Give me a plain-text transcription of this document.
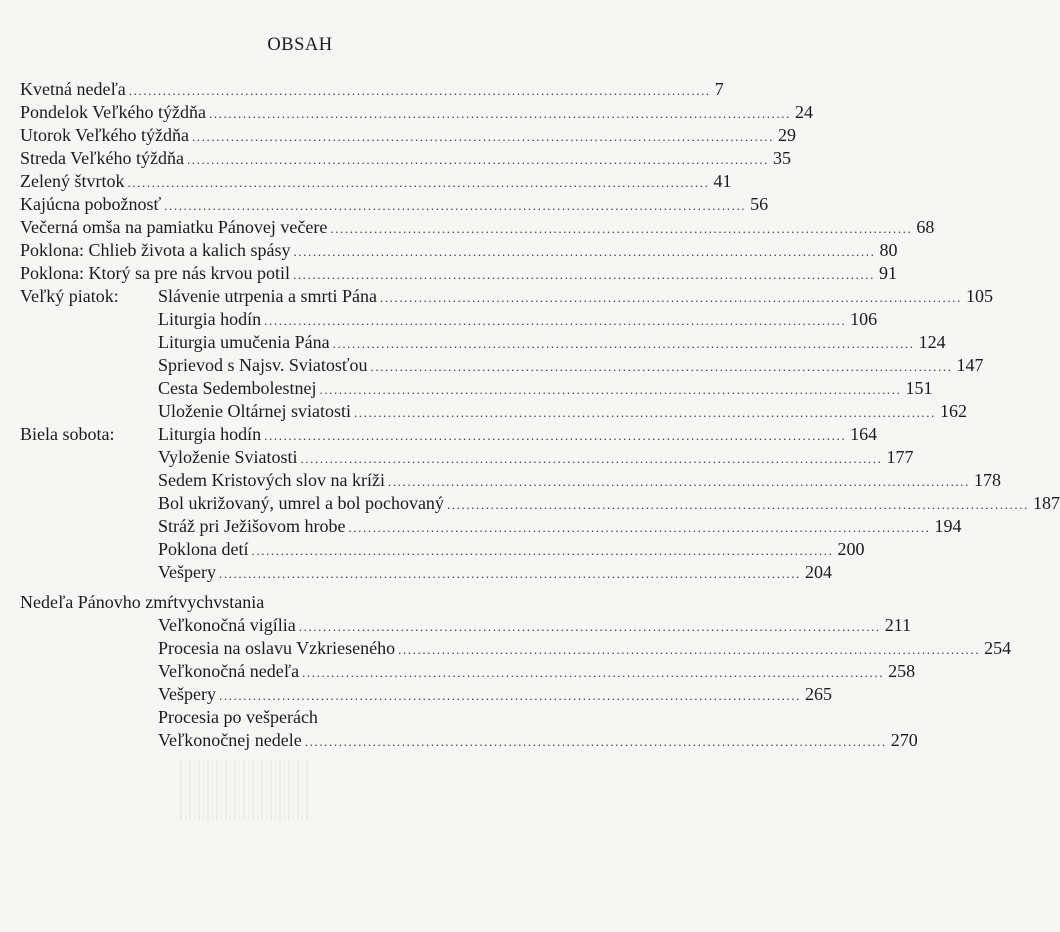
OBSAH
Kvetná nedeľa ........................................................................................................................ 7
Pondelok Veľkého týždňa ........................................................................................................................ 24
Utorok Veľkého týždňa ........................................................................................................................ 29
Streda Veľkého týždňa ........................................................................................................................ 35
Zelený štvrtok ........................................................................................................................ 41
Kajúcna pobožnosť ........................................................................................................................ 56
Večerná omša na pamiatku Pánovej večere ........................................................................................................................ 68
Poklona: Chlieb života a kalich spásy ........................................................................................................................ 80
Poklona: Ktorý sa pre nás krvou potil ........................................................................................................................ 91
Veľký piatok: Slávenie utrpenia a smrti Pána ........................................................................................................................ 105
Liturgia hodín ........................................................................................................................ 106
Liturgia umučenia Pána ........................................................................................................................ 124
Sprievod s Najsv. Sviatosťou ........................................................................................................................ 147
Cesta Sedembolestnej ........................................................................................................................ 151
Uloženie Oltárnej sviatosti ........................................................................................................................ 162
Biela sobota: Liturgia hodín ........................................................................................................................ 164
Vyloženie Sviatosti ........................................................................................................................ 177
Sedem Kristových slov na kríži ........................................................................................................................ 178
Bol ukrižovaný, umrel a bol pochovaný ........................................................................................................................ 187
Stráž pri Ježišovom hrobe ........................................................................................................................ 194
Poklona detí ........................................................................................................................ 200
Vešpery ........................................................................................................................ 204
Nedeľa Pánovho zmŕtvychvstania
Veľkonočná vigília ........................................................................................................................ 211
Procesia na oslavu Vzkrieseného ........................................................................................................................ 254
Veľkonočná nedeľa ........................................................................................................................ 258
Vešpery ........................................................................................................................ 265
Procesia po vešperách
Veľkonočnej nedele ........................................................................................................................ 270
